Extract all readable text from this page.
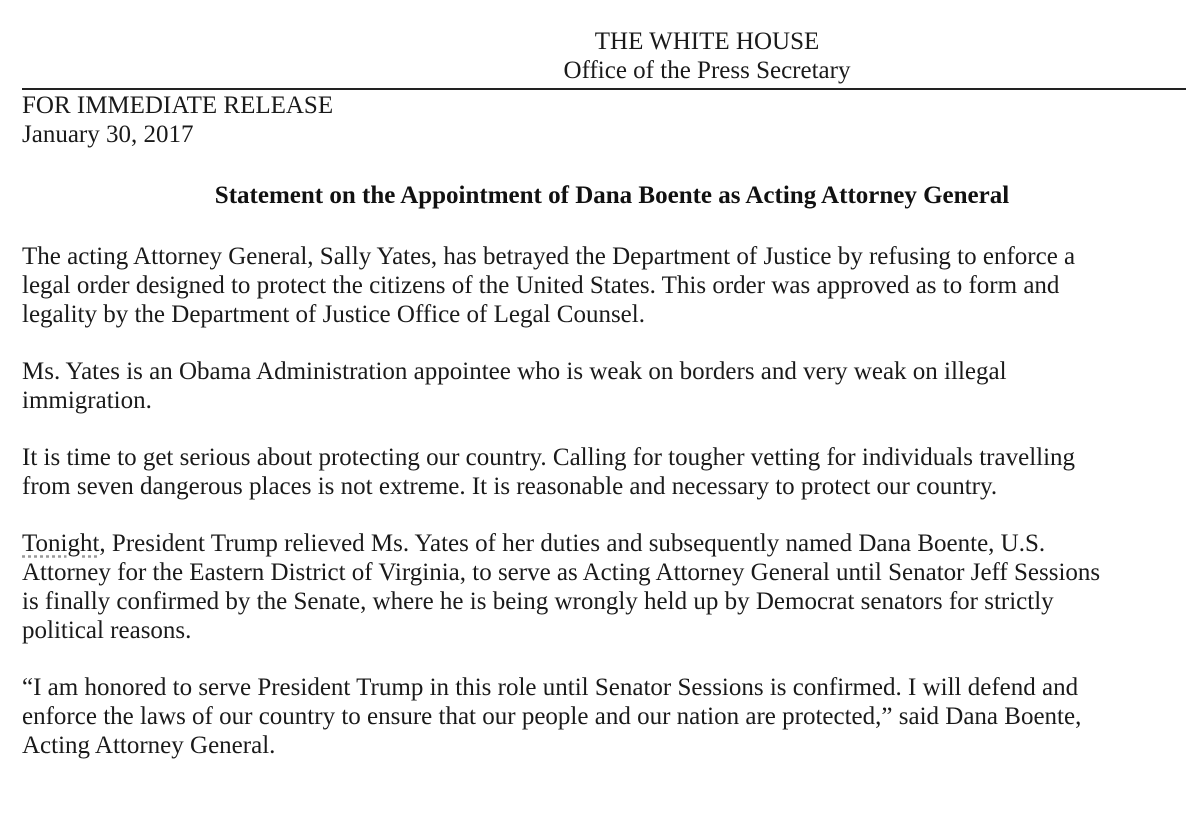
THE WHITE HOUSE
Office of the Press Secretary
FOR IMMEDIATE RELEASE
January 30, 2017
Statement on the Appointment of Dana Boente as Acting Attorney General

The acting Attorney General, Sally Yates, has betrayed the Department of Justice by refusing to enforce a
legal order designed to protect the citizens of the United States. This order was approved as to form and
legality by the Department of Justice Office of Legal Counsel.

Ms. Yates is an Obama Administration appointee who is weak on borders and very weak on illegal
immigration.

It is time to get serious about protecting our country. Calling for tougher vetting for individuals travelling
from seven dangerous places is not extreme. It is reasonable and necessary to protect our country.

Tonight, President Trump relieved Ms. Yates of her duties and subsequently named Dana Boente, U.S.
Attorney for the Eastern District of Virginia, to serve as Acting Attorney General until Senator Jeff Sessions
is finally confirmed by the Senate, where he is being wrongly held up by Democrat senators for strictly
political reasons.

“I am honored to serve President Trump in this role until Senator Sessions is confirmed. I will defend and
enforce the laws of our country to ensure that our people and our nation are protected,” said Dana Boente,
Acting Attorney General.
